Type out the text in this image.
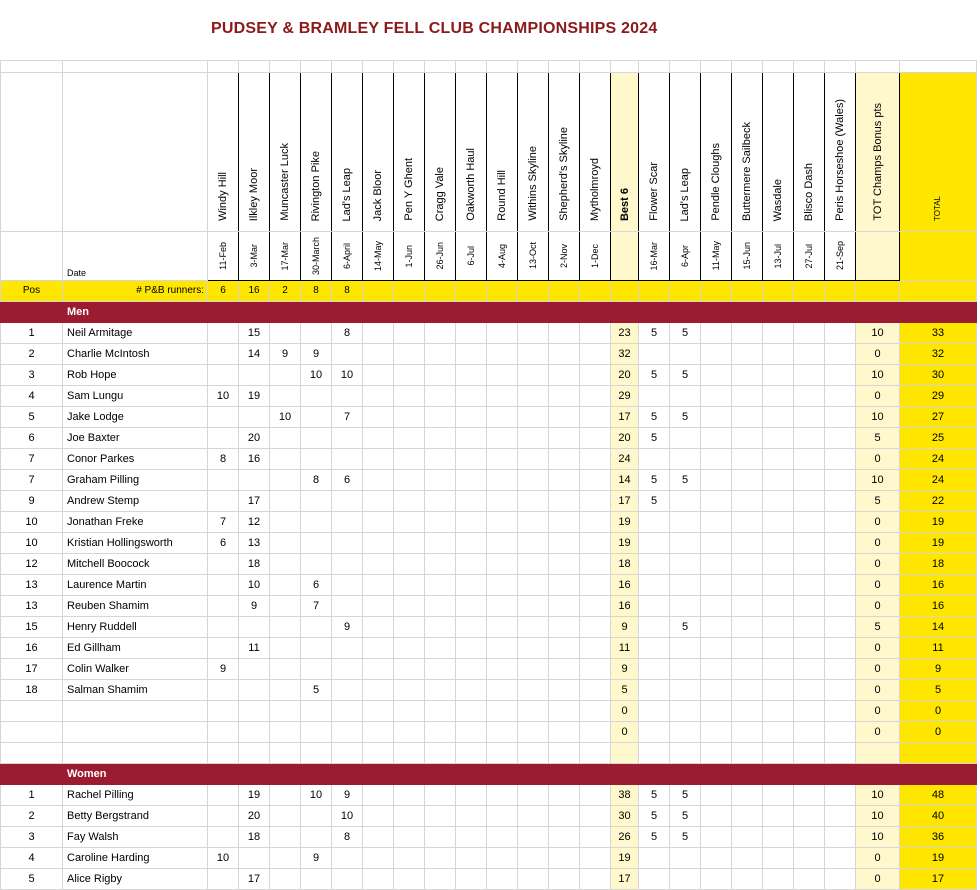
PUDSEY & BRAMLEY FELL CLUB CHAMPIONSHIPS 2024

		Windy Hill	Ilkley Moor	Muncaster Luck	Rivington Pike	Lad's Leap	Jack Bloor	Pen Y Ghent	Cragg Vale	Oakworth Haul	Round Hill	Withins Skyline	Shepherd's Skyline	Mytholmroyd	Best 6	Flower Scar	Lad's Leap	Pendle Cloughs	Buttermere Sailbeck	Wasdale	Blisco Dash	Peris Horseshoe (Wales)	TOT Champs Bonus pts	TOTAL

	Date	11-Feb	3-Mar	17-Mar	30-March	6-April	14-May	1-Jun	26-Jun	6-Jul	4-Aug	13-Oct	2-Nov	1-Dec		16-Mar	6-Apr	11-May	15-Jun	13-Jul	27-Jul	21-Sep		

Pos	# P&B runners:	6	16	2	8	8																		
	Men																							
1	Neil Armitage		15			8									23	5	5						10	33
2	Charlie McIntosh		14	9	9										32								0	32
3	Rob Hope				10	10									20	5	5						10	30
4	Sam Lungu	10	19												29								0	29
5	Jake Lodge			10		7									17	5	5						10	27
6	Joe Baxter		20												20	5							5	25
7	Conor Parkes	8	16												24								0	24
7	Graham Pilling				8	6									14	5	5						10	24
9	Andrew Stemp		17												17	5							5	22
10	Jonathan Freke	7	12												19								0	19
10	Kristian Hollingsworth	6	13												19								0	19
12	Mitchell Boocock		18												18								0	18
13	Laurence Martin		10		6										16								0	16
13	Reuben Shamim		9		7										16								0	16
15	Henry Ruddell					9									9		5						5	14
16	Ed Gillham		11												11								0	11
17	Colin Walker	9													9								0	9
18	Salman Shamim				5										5								0	5
															0								0	0
															0								0	0

	Women																							
1	Rachel Pilling		19		10	9									38	5	5						10	48
2	Betty Bergstrand		20			10									30	5	5						10	40
3	Fay Walsh		18			8									26	5	5						10	36
4	Caroline Harding	10			9										19								0	19
5	Alice Rigby		17												17								0	17
